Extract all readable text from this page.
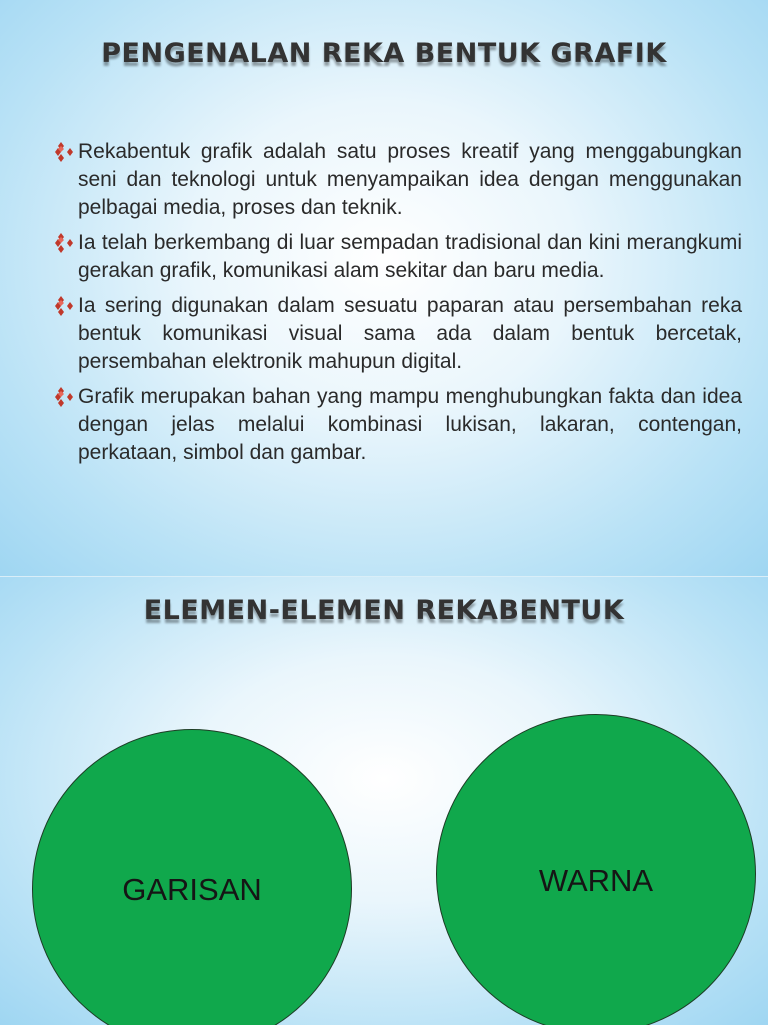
PENGENALAN REKA BENTUK GRAFIK
Rekabentuk grafik adalah satu proses kreatif yang menggabungkan seni dan teknologi untuk menyampaikan idea dengan menggunakan pelbagai media, proses dan teknik.
Ia telah berkembang di luar sempadan tradisional dan kini merangkumi gerakan grafik, komunikasi alam sekitar dan baru media.
Ia sering digunakan dalam sesuatu paparan atau persembahan reka bentuk komunikasi visual sama ada dalam bentuk bercetak, persembahan elektronik mahupun digital.
Grafik merupakan bahan yang mampu menghubungkan fakta dan idea dengan jelas melalui kombinasi lukisan, lakaran, contengan, perkataan, simbol dan gambar.
ELEMEN-ELEMEN REKABENTUK
GARISAN	WARNA
